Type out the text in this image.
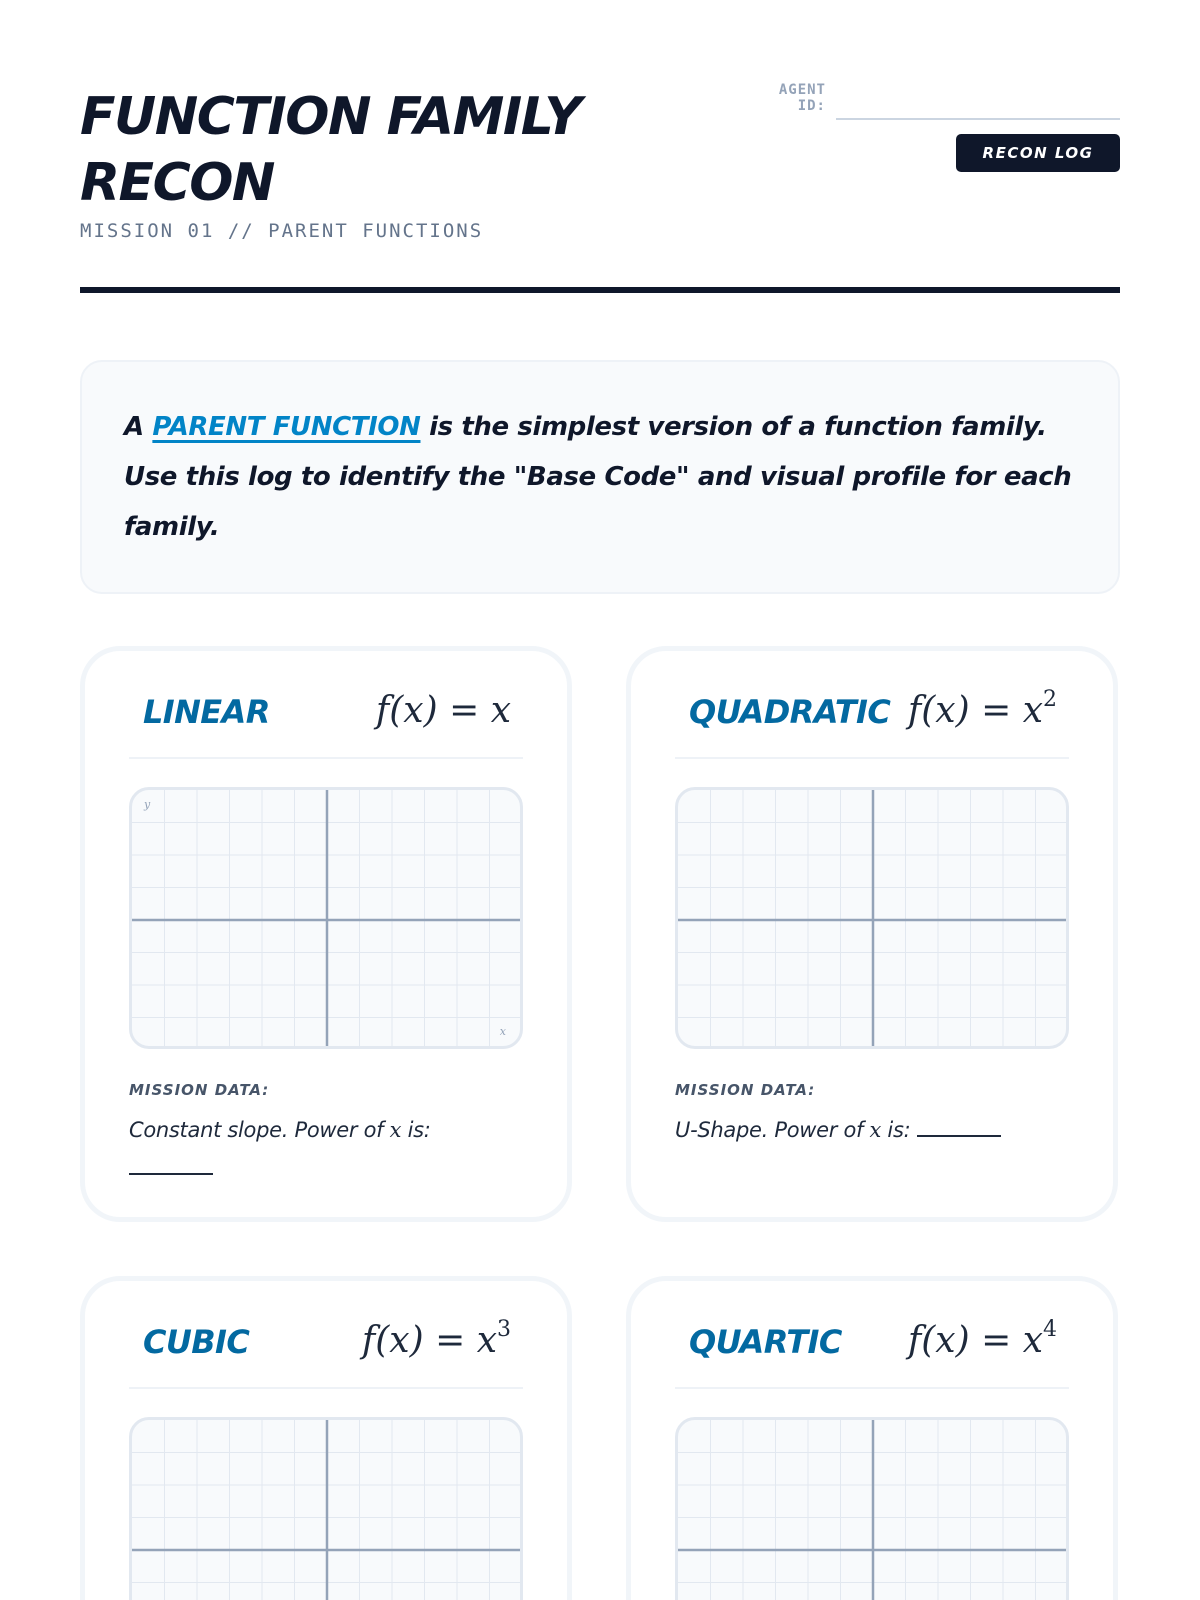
FUNCTION FAMILY RECON
MISSION 01 // PARENT FUNCTIONS
AGENT ID:
RECON LOG
A PARENT FUNCTION is the simplest version of a function family. Use this log to identify the "Base Code" and visual profile for each family.
LINEAR	f(x) = x
y
x
MISSION DATA:
Constant slope. Power of x is:

QUADRATIC $f(x) = x^2$
MISSION DATA:
U-Shape. Power of x is:
CUBIC	$f(x) = x^3$	QUARTIC $f(x) = x^4$
